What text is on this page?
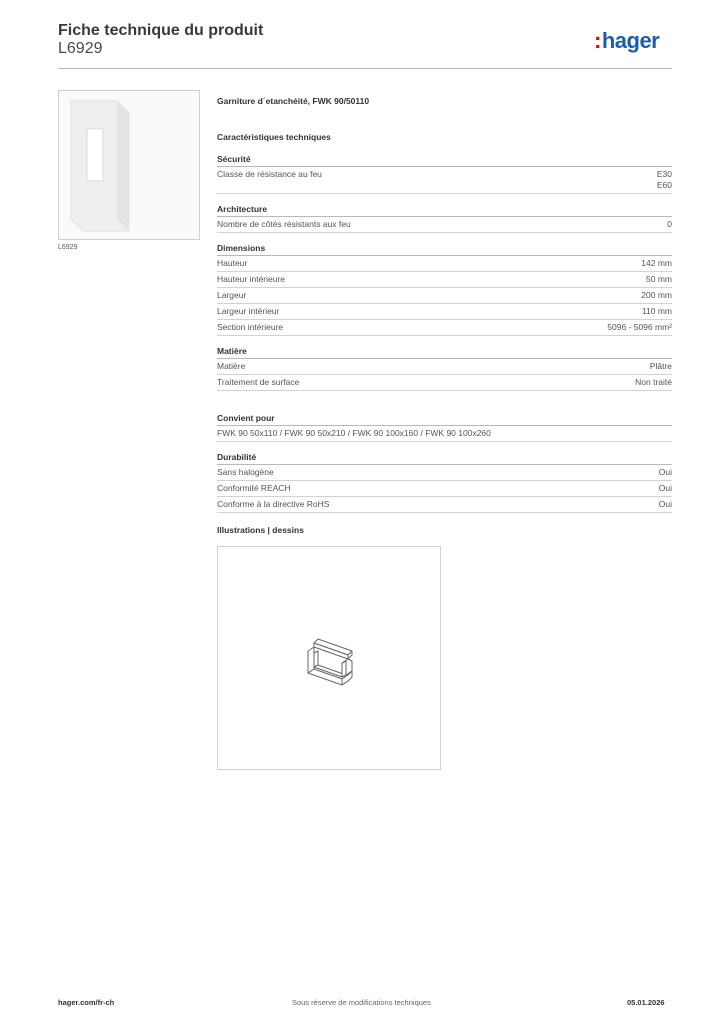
Fiche technique du produit
L6929	:hager
L6929
Garniture d´etanchéité, FWK 90/50110
Caractéristiques techniques
Sécurité
Classe de résistance au feu	E30
E60
Architecture
Nombre de côtés résistants aux feu	0
Dimensions
Hauteur	142 mm
Hauteur intérieure	50 mm
Largeur	200 mm
Largeur intérieur	110 mm
Section intérieure	5096 - 5096 mm²
Matière
Matière	Plâtre
Traitement de surface	Non traité
Convient pour
FWK 90 50x110 / FWK 90 50x210 / FWK 90 100x160 / FWK 90 100x260
Durabilité
Sans halogène	Oui
Conformité REACH	Oui
Conforme à la directive RoHS	Oui
Illustrations | dessins
hager.com/fr-ch	Sous réserve de modifications techniques	05.01.2026
